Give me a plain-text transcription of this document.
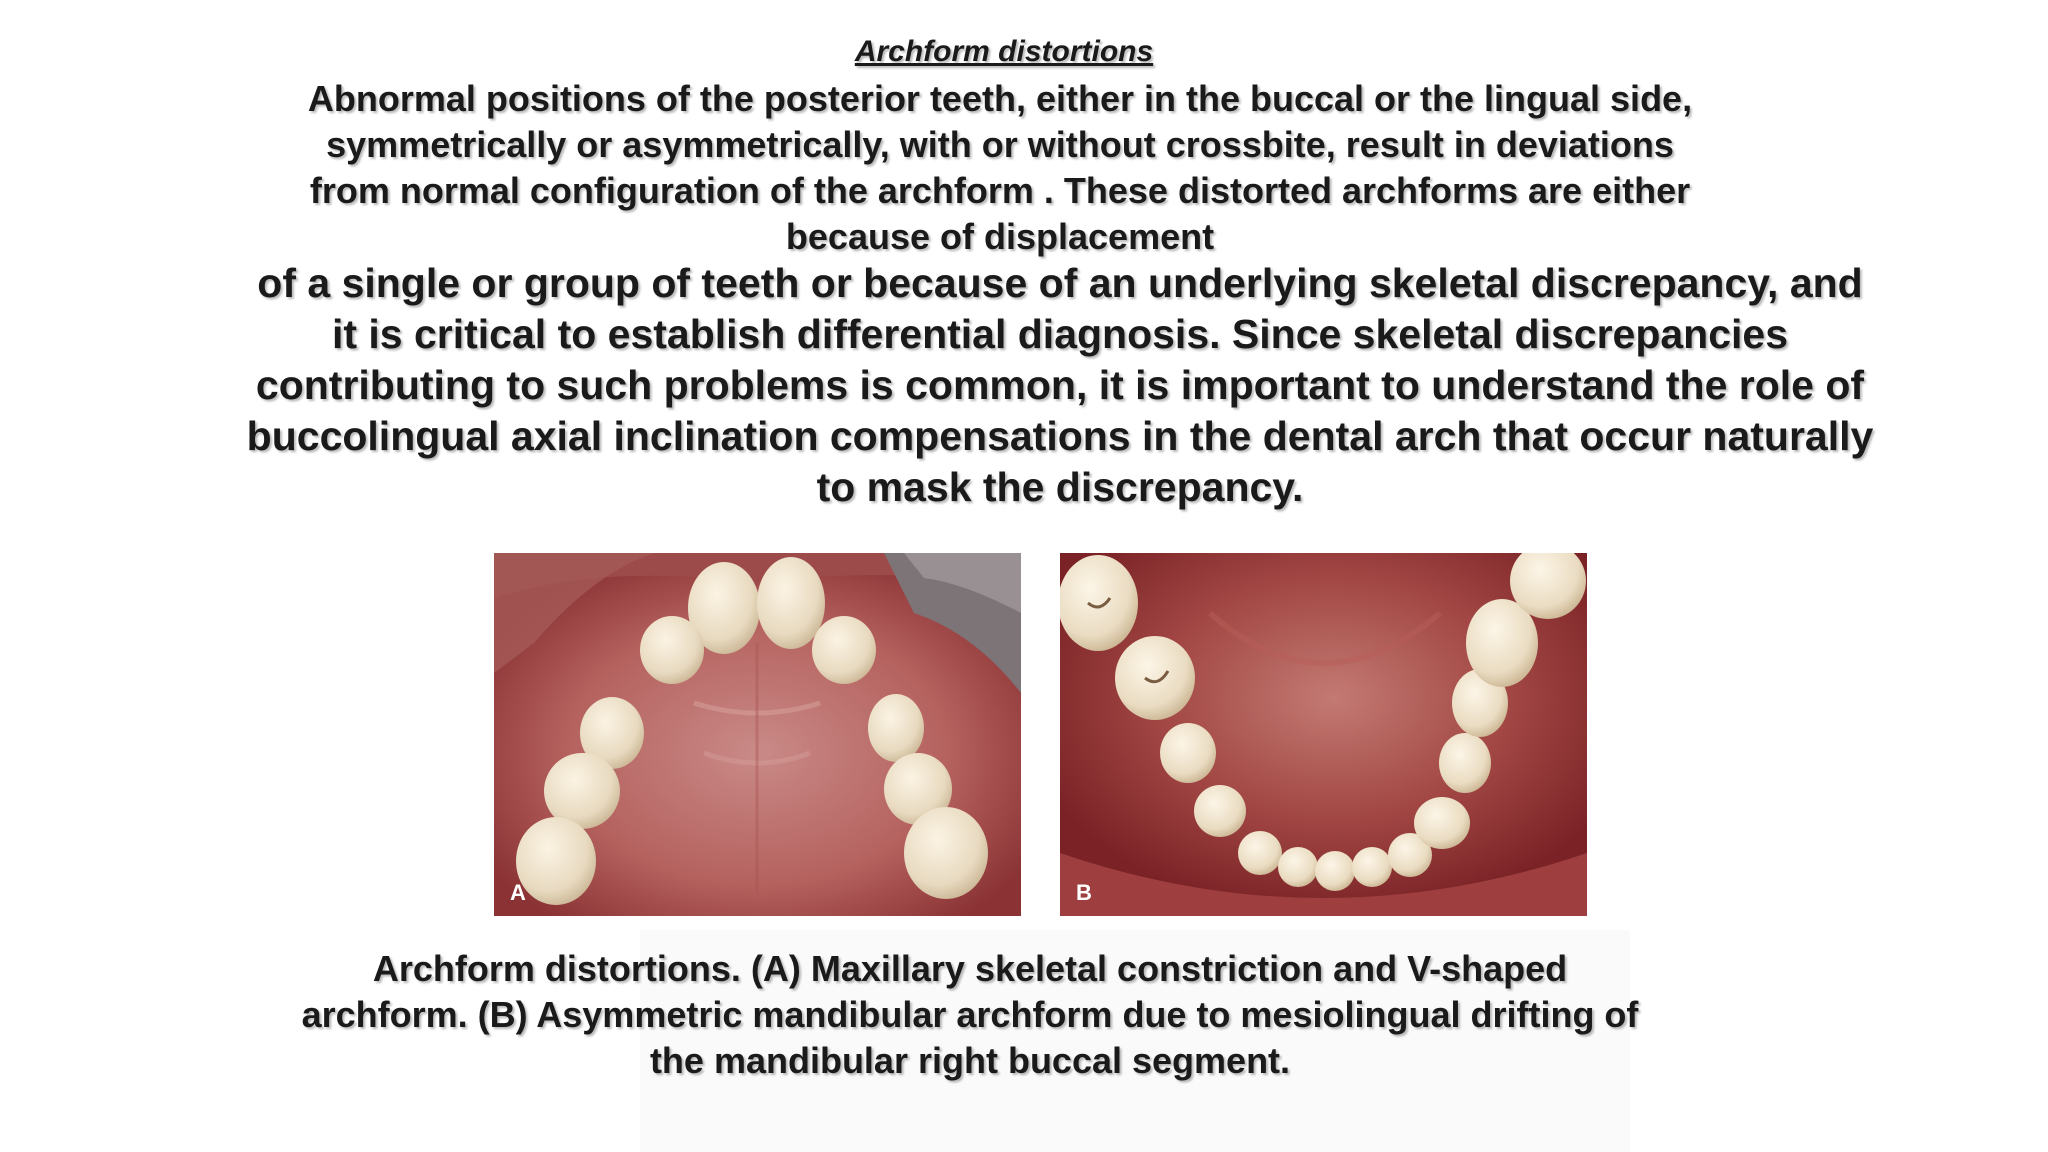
Archform distortions
Abnormal positions of the posterior teeth, either in the buccal or the lingual side, symmetrically or asymmetrically, with or without crossbite, result in deviations from normal configuration of the archform . These distorted archforms are either because of displacement
of a single or group of teeth or because of an underlying skeletal discrepancy, and it is critical to establish differential diagnosis. Since skeletal discrepancies contributing to such problems is common, it is important to understand the role of buccolingual axial inclination compensations in the dental arch that occur naturally to mask the discrepancy.
A	B
Archform distortions. (A) Maxillary skeletal constriction and V-shaped archform. (B) Asymmetric mandibular archform due to mesiolingual drifting of the mandibular right buccal segment.
